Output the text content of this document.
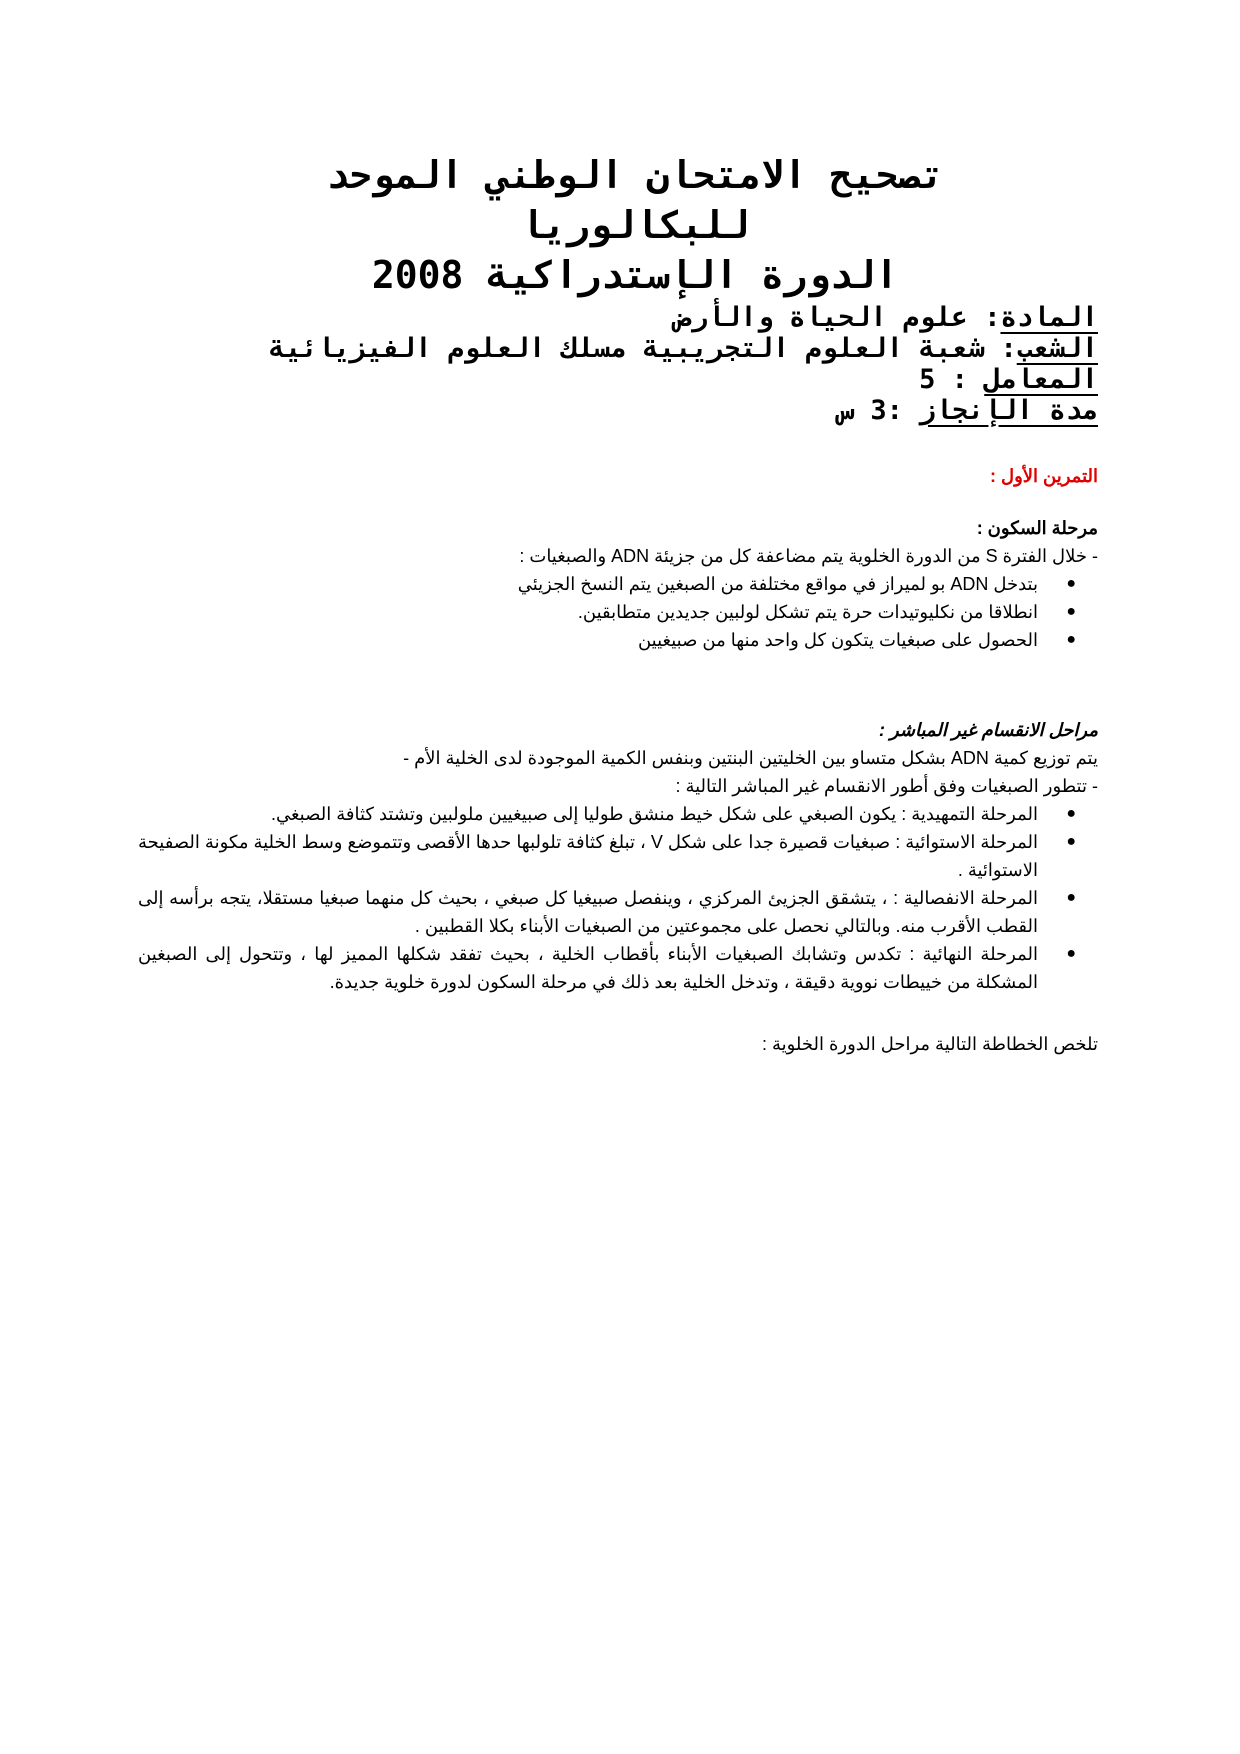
تصحيح الامتحان الوطني الموحد
للبكالوريا
الدورة الإستدراكية 2008
المادة: علوم الحياة والأرض
الشعب: شعبة العلوم التجريبية مسلك العلوم الفيزيائية
المعامل : 5
مدة الإنجاز :3 س

التمرين الأول :

مرحلة السكون :

- خلال الفترة S من الدورة الخلوية يتم مضاعفة كل من جزيئة ADN والصبغيات :

●
بتدخل ADN بو لميراز في مواقع مختلفة من الصبغين يتم النسخ الجزيئي
●
انطلاقا من نكليوتيدات حرة يتم تشكل لولبين جديدين متطابقين.
●
الحصول على صبغيات يتكون كل واحد منها من صبيغيين

مراحل الانقسام غير المباشر :

يتم توزيع كمية ADN بشكل متساو بين الخليتين البنتين وبنفس الكمية الموجودة لدى الخلية الأم -

- تتطور الصبغيات وفق أطور الانقسام غير المباشر التالية :

●
المرحلة التمهيدية : يكون الصبغي على شكل خيط منشق طوليا إلى صبيغيين ملولبين وتشتد كثافة الصبغي.
●
المرحلة الاستوائية : صبغيات قصيرة جدا على شكل V ، تبلغ كثافة تلولبها حدها الأقصى وتتموضع وسط الخلية مكونة الصفيحة الاستوائية .
●
المرحلة الانفصالية : ، يتشقق الجزيئ المركزي ، وينفصل صبيغيا كل صبغي ، بحيث كل منهما صبغيا مستقلا، يتجه برأسه إلى القطب الأقرب منه. وبالتالي نحصل على مجموعتين من الصبغيات الأبناء بكلا القطبين .
●
المرحلة النهائية : تكدس وتشابك الصبغيات الأبناء بأقطاب الخلية ، بحيث تفقد شكلها المميز لها ، وتتحول إلى الصبغين المشكلة من خييطات نووية دقيقة ، وتدخل الخلية بعد ذلك في مرحلة السكون لدورة خلوية جديدة.

تلخص الخطاطة التالية مراحل الدورة الخلوية :
